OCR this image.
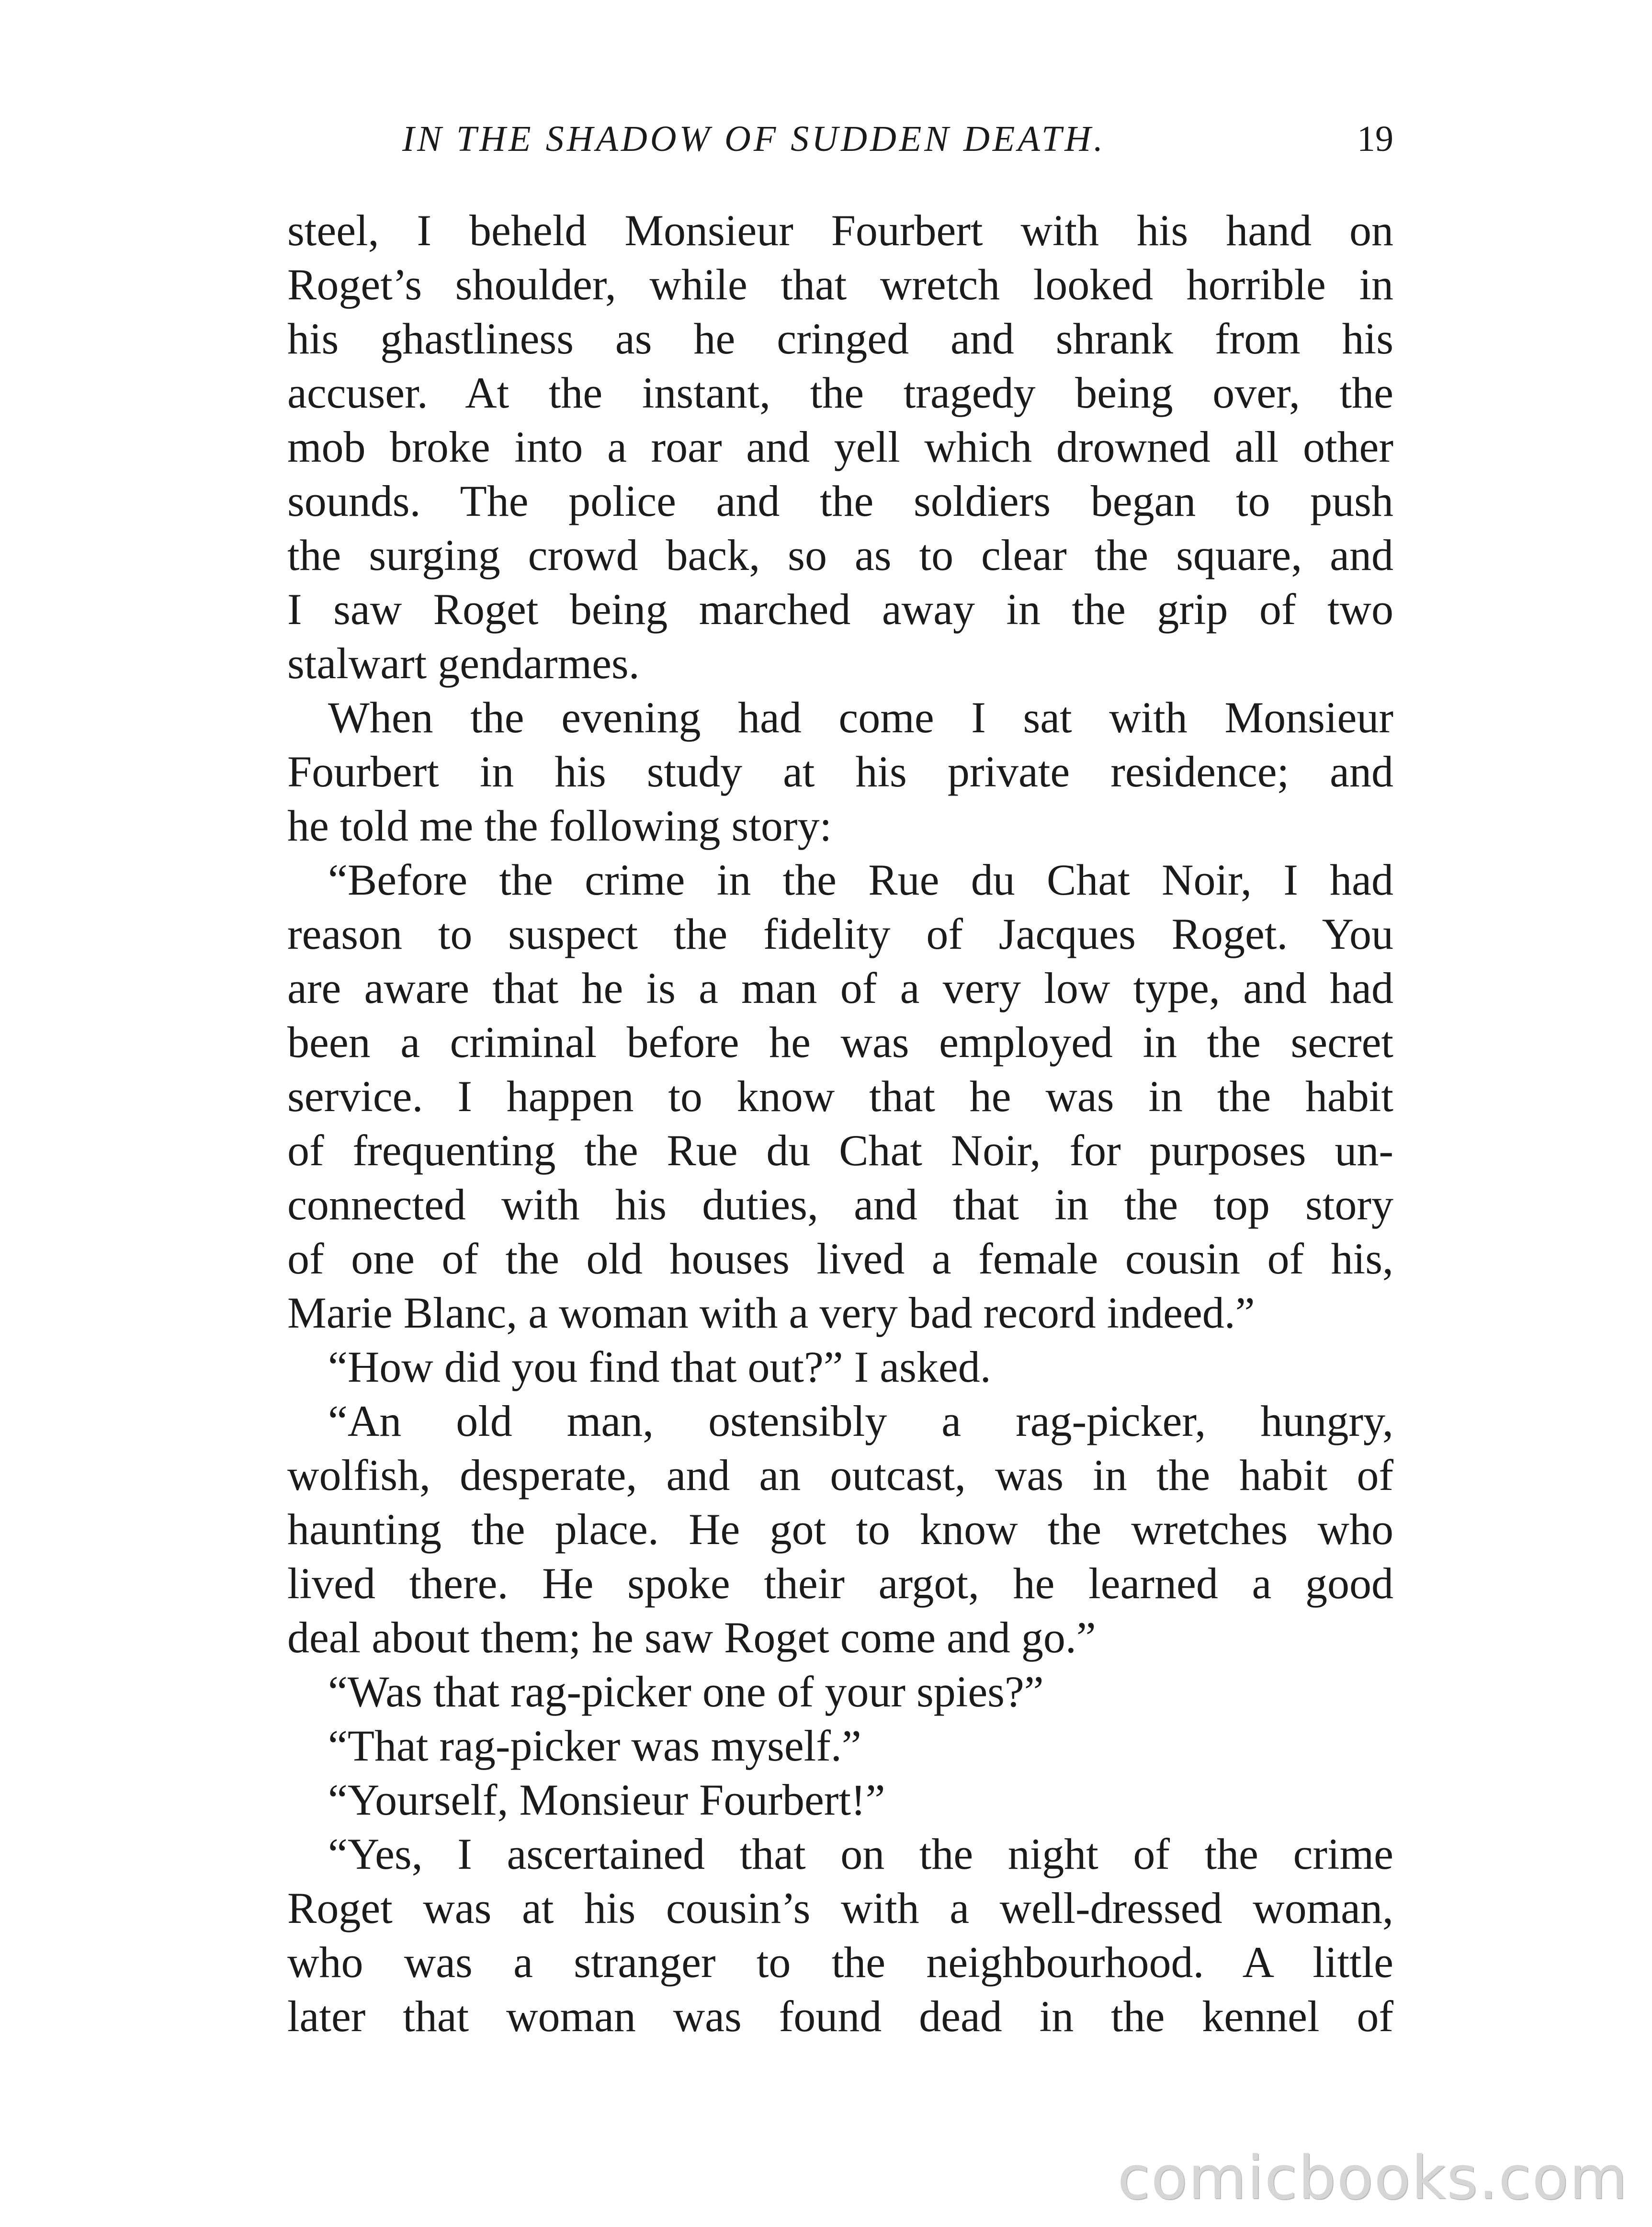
IN THE SHADOW OF SUDDEN DEATH.	19
steel, I beheld Monsieur Fourbert with his hand on
Roget’s shoulder, while that wretch looked horrible in
his ghastliness as he cringed and shrank from his
accuser. At the instant, the tragedy being over, the
mob broke into a roar and yell which drowned all other
sounds. The police and the soldiers began to push
the surging crowd back, so as to clear the square, and
I saw Roget being marched away in the grip of two
stalwart gendarmes.
When the evening had come I sat with Monsieur
Fourbert in his study at his private residence; and
he told me the following story:
“Before the crime in the Rue du Chat Noir, I had
reason to suspect the fidelity of Jacques Roget. You
are aware that he is a man of a very low type, and had
been a criminal before he was employed in the secret
service. I happen to know that he was in the habit
of frequenting the Rue du Chat Noir, for purposes un-
connected with his duties, and that in the top story
of one of the old houses lived a female cousin of his,
Marie Blanc, a woman with a very bad record indeed.”
“How did you find that out?” I asked.
“An old man, ostensibly a rag-picker, hungry,
wolfish, desperate, and an outcast, was in the habit of
haunting the place. He got to know the wretches who
lived there. He spoke their argot, he learned a good
deal about them; he saw Roget come and go.”
“Was that rag-picker one of your spies?”
“That rag-picker was myself.”
“Yourself, Monsieur Fourbert!”
“Yes, I ascertained that on the night of the crime
Roget was at his cousin’s with a well-dressed woman,
who was a stranger to the neighbourhood. A little
later that woman was found dead in the kennel of
comicbooks.com
